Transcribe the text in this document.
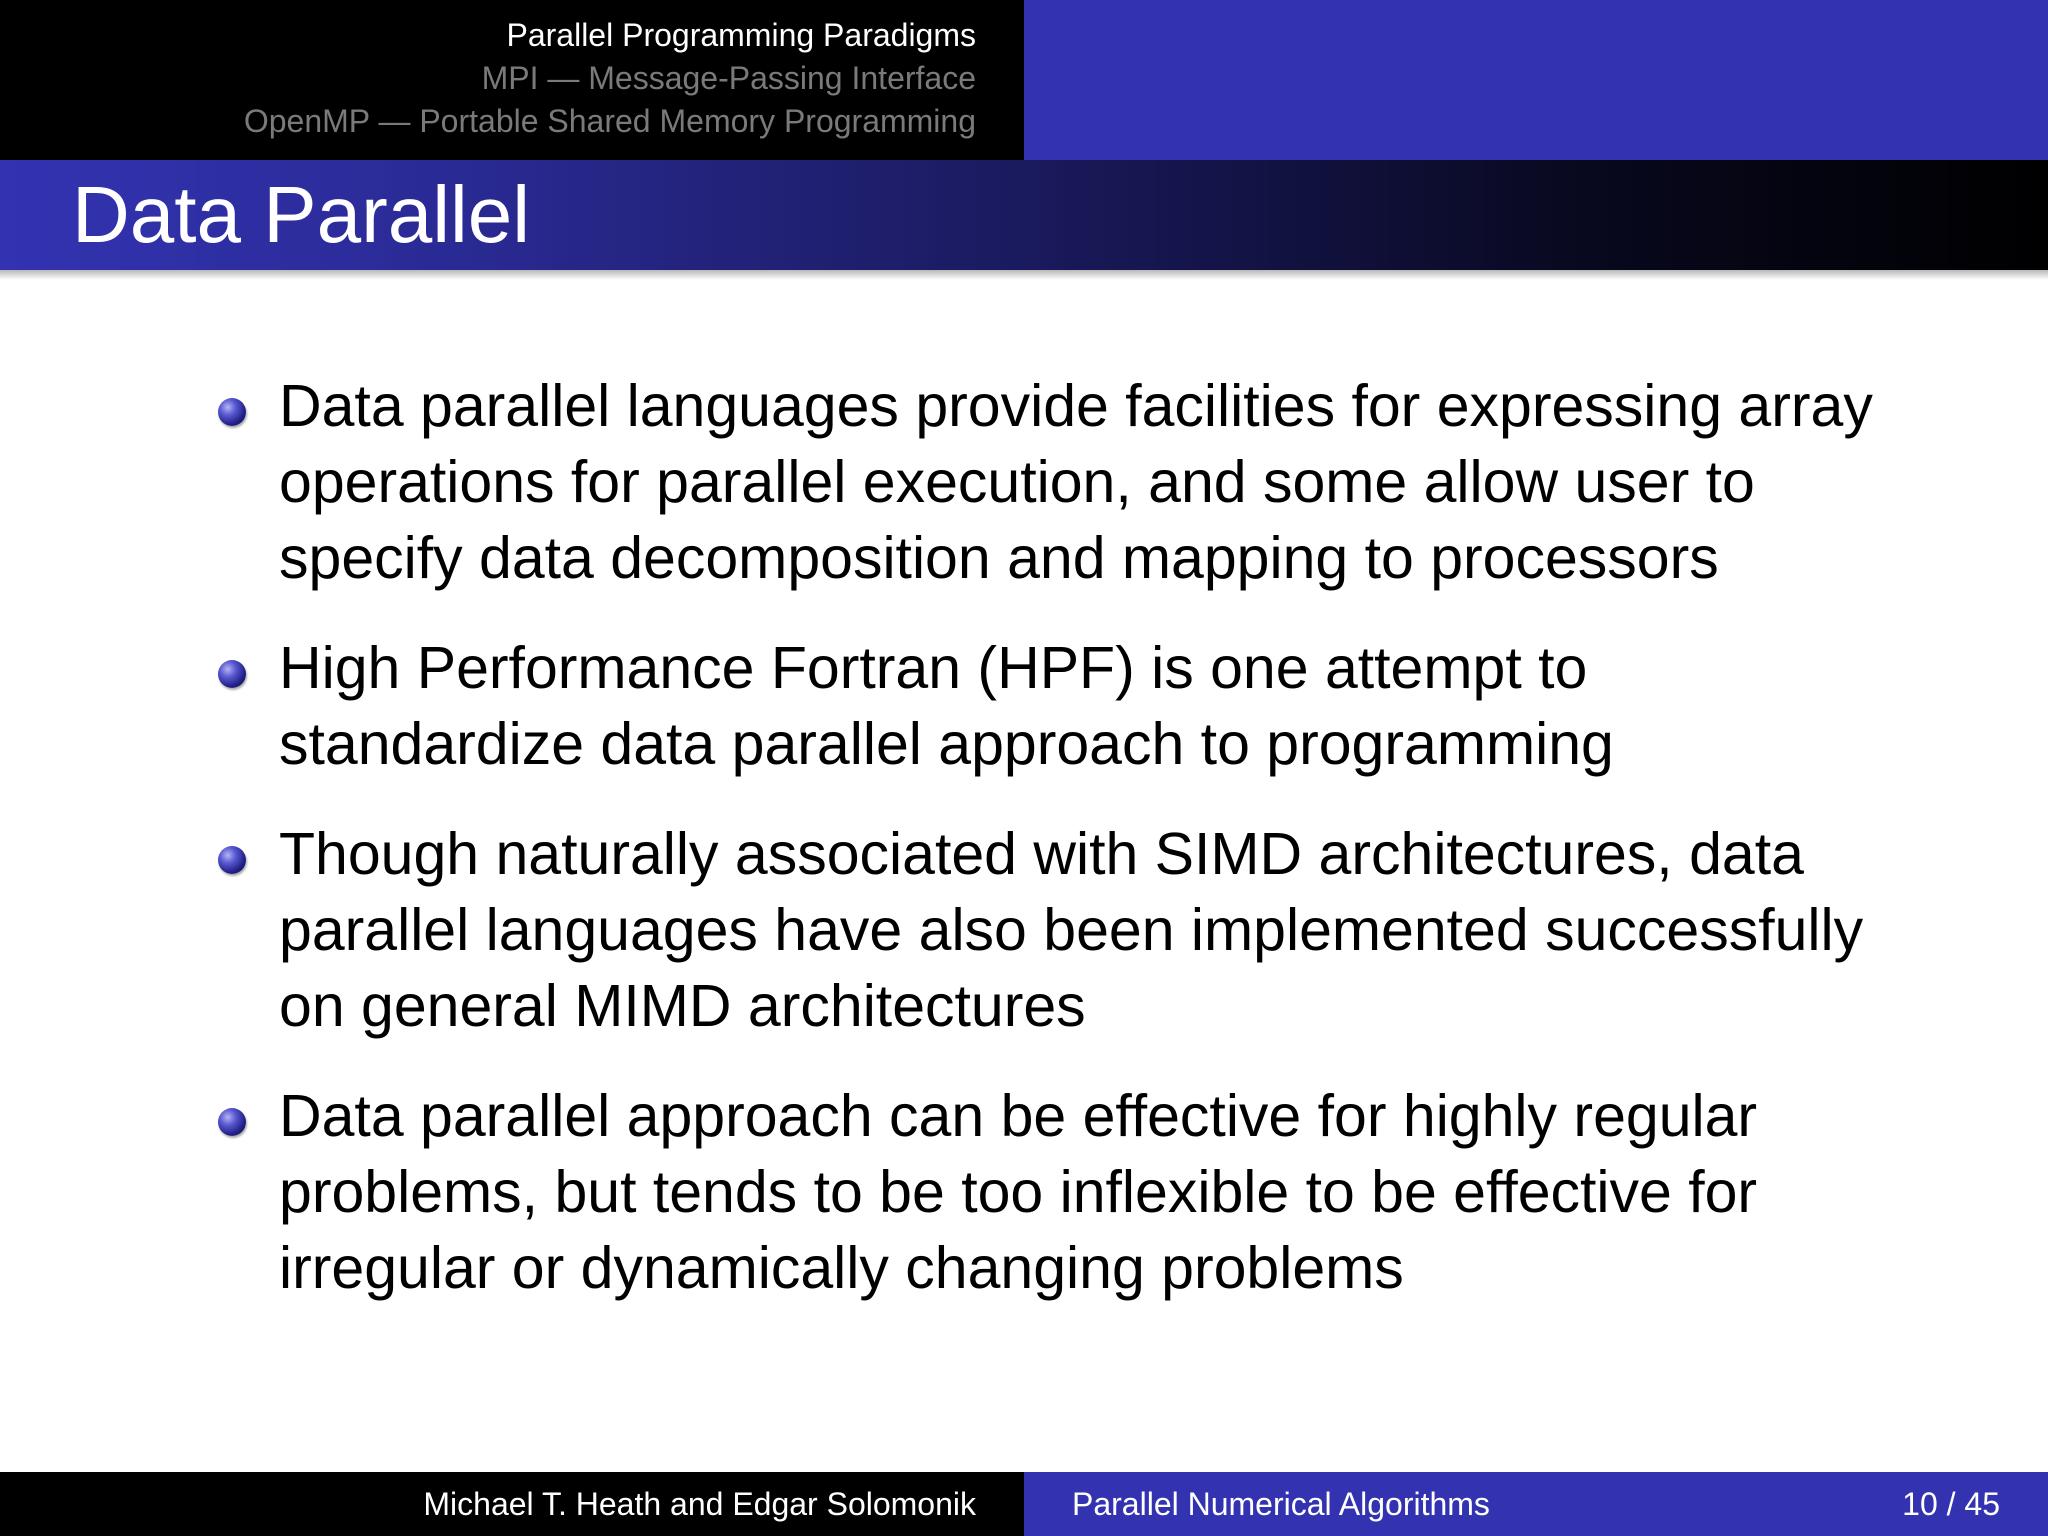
Parallel Programming Paradigms
MPI — Message-Passing Interface
OpenMP — Portable Shared Memory Programming
Data Parallel
Data parallel languages provide facilities for expressing array operations for parallel execution, and some allow user to specify data decomposition and mapping to processors
High Performance Fortran (HPF) is one attempt to standardize data parallel approach to programming
Though naturally associated with SIMD architectures, data parallel languages have also been implemented successfully on general MIMD architectures
Data parallel approach can be effective for highly regular problems, but tends to be too inflexible to be effective for irregular or dynamically changing problems
Michael T. Heath and Edgar Solomonik	Parallel Numerical Algorithms	10 / 45
